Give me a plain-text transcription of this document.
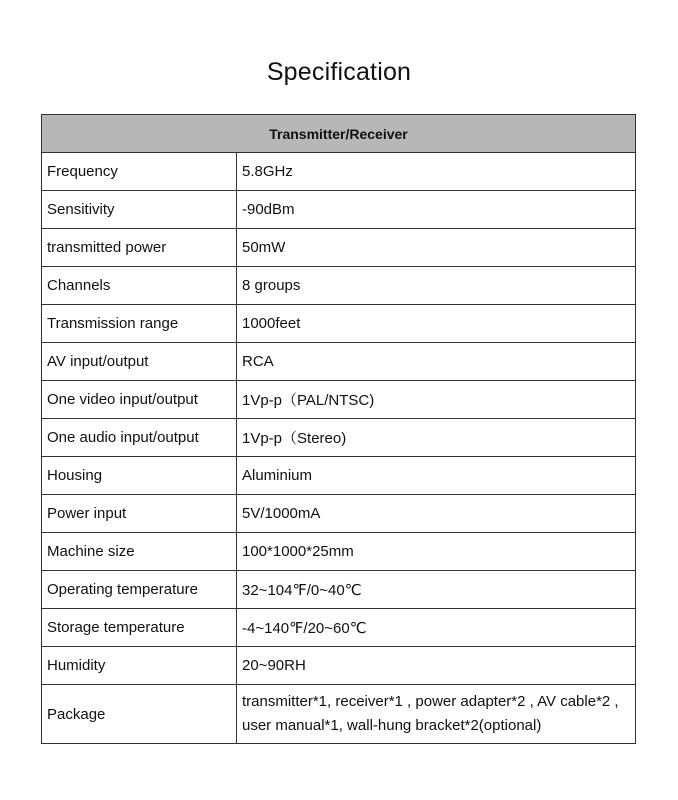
Specification
Transmitter/Receiver	
Frequency	5.8GHz
Sensitivity	-90dBm
transmitted power	50mW
Channels	8 groups
Transmission range	1000feet
AV input/output	RCA
One video input/output	1Vp-p（PAL/NTSC)
One audio input/output	1Vp-p（Stereo)
Housing	Aluminium
Power input	5V/1000mA
Machine size	100*1000*25mm
Operating temperature	32~104℉/0~40℃
Storage temperature	-4~140℉/20~60℃
Humidity	20~90RH
Package	transmitter*1, receiver*1 , power adapter*2 , AV cable*2 , user manual*1, wall-hung bracket*2(optional)
